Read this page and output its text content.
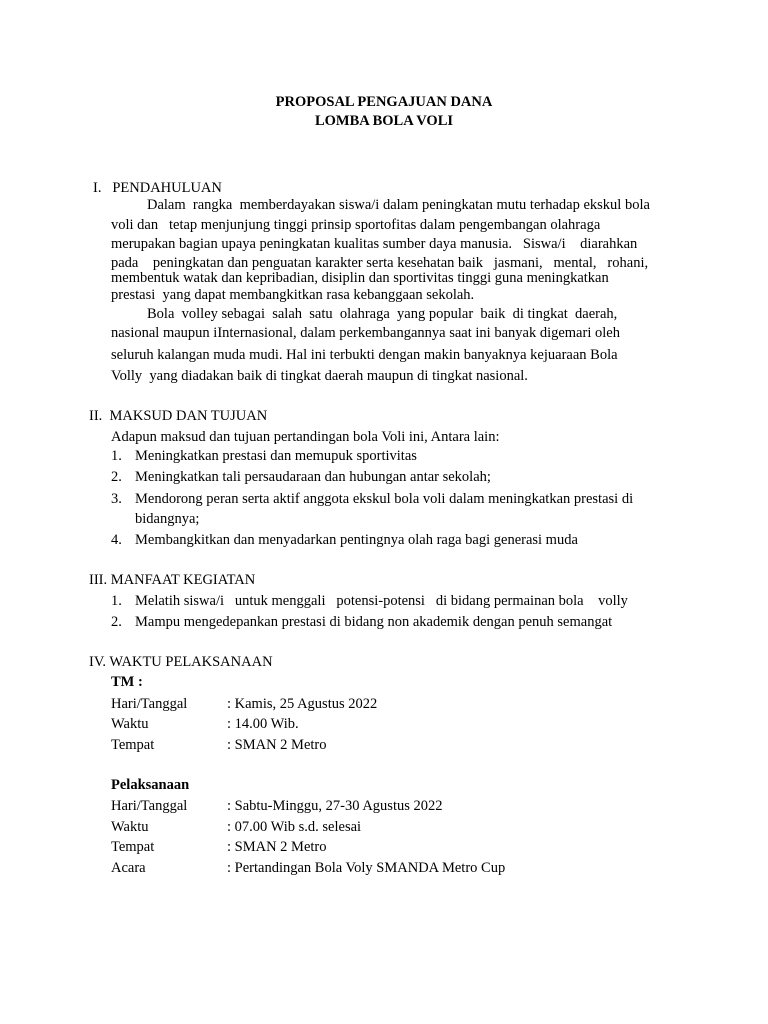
PROPOSAL PENGAJUAN DANA
LOMBA BOLA VOLI
I.   PENDAHULUAN
Dalam  rangka  memberdayakan siswa/i dalam peningkatan mutu terhadap ekskul bola
voli dan   tetap menjunjung tinggi prinsip sportofitas dalam pengembangan olahraga
merupakan bagian upaya peningkatan kualitas sumber daya manusia.   Siswa/i    diarahkan
pada    peningkatan dan penguatan karakter serta kesehatan baik   jasmani,   mental,   rohani,
membentuk watak dan kepribadian, disiplin dan sportivitas tinggi guna meningkatkan
prestasi  yang dapat membangkitkan rasa kebanggaan sekolah.
Bola  volley sebagai  salah  satu  olahraga  yang popular  baik  di tingkat  daerah,
nasional maupun iInternasional, dalam perkembangannya saat ini banyak digemari oleh
seluruh kalangan muda mudi. Hal ini terbukti dengan makin banyaknya kejuaraan Bola
Volly  yang diadakan baik di tingkat daerah maupun di tingkat nasional.
II.  MAKSUD DAN TUJUAN
Adapun maksud dan tujuan pertandingan bola Voli ini, Antara lain:
1. Meningkatkan prestasi dan memupuk sportivitas
2. Meningkatkan tali persaudaraan dan hubungan antar sekolah;
3. Mendorong peran serta aktif anggota ekskul bola voli dalam meningkatkan prestasi di
bidangnya;
4. Membangkitkan dan menyadarkan pentingnya olah raga bagi generasi muda
III. MANFAAT KEGIATAN
1. Melatih siswa/i   untuk menggali   potensi-potensi   di bidang permainan bola    volly
2. Mampu mengedepankan prestasi di bidang non akademik dengan penuh semangat
IV. WAKTU PELAKSANAAN
TM :
Hari/Tanggal	: Kamis, 25 Agustus 2022
Waktu	: 14.00 Wib.
Tempat	: SMAN 2 Metro
Pelaksanaan
Hari/Tanggal	: Sabtu-Minggu, 27-30 Agustus 2022
Waktu	: 07.00 Wib s.d. selesai
Tempat	: SMAN 2 Metro
Acara	: Pertandingan Bola Voly SMANDA Metro Cup
